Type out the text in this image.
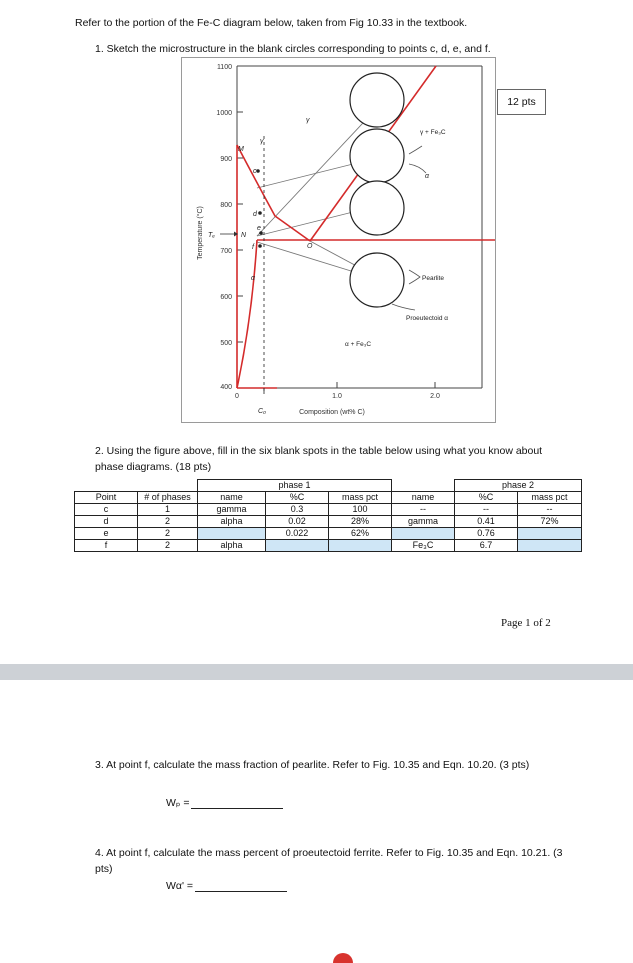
Refer to the portion of the Fe-C diagram below, taken from Fig 10.33 in the textbook.
1. Sketch the microstructure in the blank circles corresponding to points c, d, e, and f.
1100
1000
900
800
700
600
500
400
0	1.0	2.0
Temperature (°C)
Composition (wt% C)
γ
γ
M
c
d
e
f
N
O
Tₑ
α
α
C₀
γ + Fe₃C
α + Fe₃C
Pearlite
Proeutectoid α
12 pts
2. Using the figure above, fill in the six blank spots in the table below using what you know about phase diagrams. (18 pts)
		phase 1				phase 2	
Point	# of phases	name	%C	mass pct	name	%C	mass pct
c	1	gamma	0.3	100	--	--	--
d	2	alpha	0.02	28%	gamma	0.41	72%
e	2		0.022	62%		0.76	
f	2	alpha			Fe₃C	6.7	
Page 1 of 2
3. At point f, calculate the mass fraction of pearlite. Refer to Fig. 10.35 and Eqn. 10.20. (3 pts)
Wₚ =
4. At point f, calculate the mass percent of proeutectoid ferrite. Refer to Fig. 10.35 and Eqn. 10.21. (3 pts)
Wα' =
